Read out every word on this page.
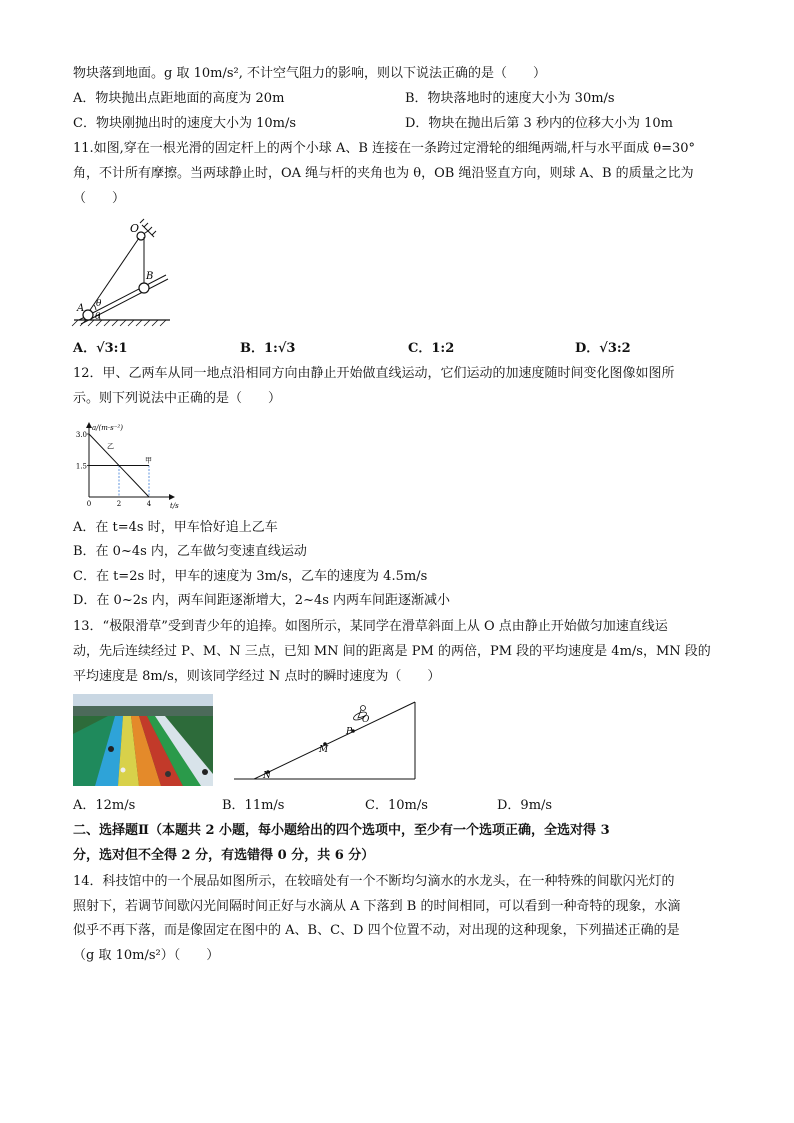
物块落到地面。g 取 10m/s², 不计空气阻力的影响，则以下说法正确的是（　　）
A．物块抛出点距地面的高度为 20m	B．物块落地时的速度大小为 30m/s
C．物块刚抛出时的速度大小为 10m/s	D．物块在抛出后第 3 秒内的位移大小为 10m
11.如图,穿在一根光滑的固定杆上的两个小球 A、B 连接在一条跨过定滑轮的细绳两端,杆与水平面成 θ=30°
角，不计所有摩擦。当两球静止时，OA 绳与杆的夹角也为 θ，OB 绳沿竖直方向，则球 A、B 的质量之比为
（　　）
O
B
A θ
θ
A．√3:1	B．1:√3	C．1:2	D．√3:2
12．甲、乙两车从同一地点沿相同方向由静止开始做直线运动，它们运动的加速度随时间变化图像如图所
示。则下列说法中正确的是（　　）
1.5
3.0
0	2	4
甲
乙
a/(m·s⁻²)
t/s
A．在 t=4s 时，甲车恰好追上乙车
B．在 0~4s 内，乙车做匀变速直线运动
C．在 t=2s 时，甲车的速度为 3m/s，乙车的速度为 4.5m/s
D．在 0~2s 内，两车间距逐渐增大，2~4s 内两车间距逐渐减小
13．“极限滑草”受到青少年的追捧。如图所示，某同学在滑草斜面上从 O 点由静止开始做匀加速直线运
动，先后连续经过 P、M、N 三点，已知 MN 间的距离是 PM 的两倍，PM 段的平均速度是 4m/s，MN 段的
平均速度是 8m/s，则该同学经过 N 点时的瞬时速度为（　　）
N
M
P
O
A．12m/s	B．11m/s	C．10m/s	D．9m/s
二、选择题Ⅱ（本题共 2 小题，每小题给出的四个选项中，至少有一个选项正确，全选对得 3
分，选对但不全得 2 分，有选错得 0 分，共 6 分）
14．科技馆中的一个展品如图所示，在较暗处有一个不断均匀滴水的水龙头，在一种特殊的间歇闪光灯的
照射下，若调节间歇闪光间隔时间正好与水滴从 A 下落到 B 的时间相同，可以看到一种奇特的现象，水滴
似乎不再下落，而是像固定在图中的 A、B、C、D 四个位置不动，对出现的这种现象，下列描述正确的是
（g 取 10m/s²）（　　）
